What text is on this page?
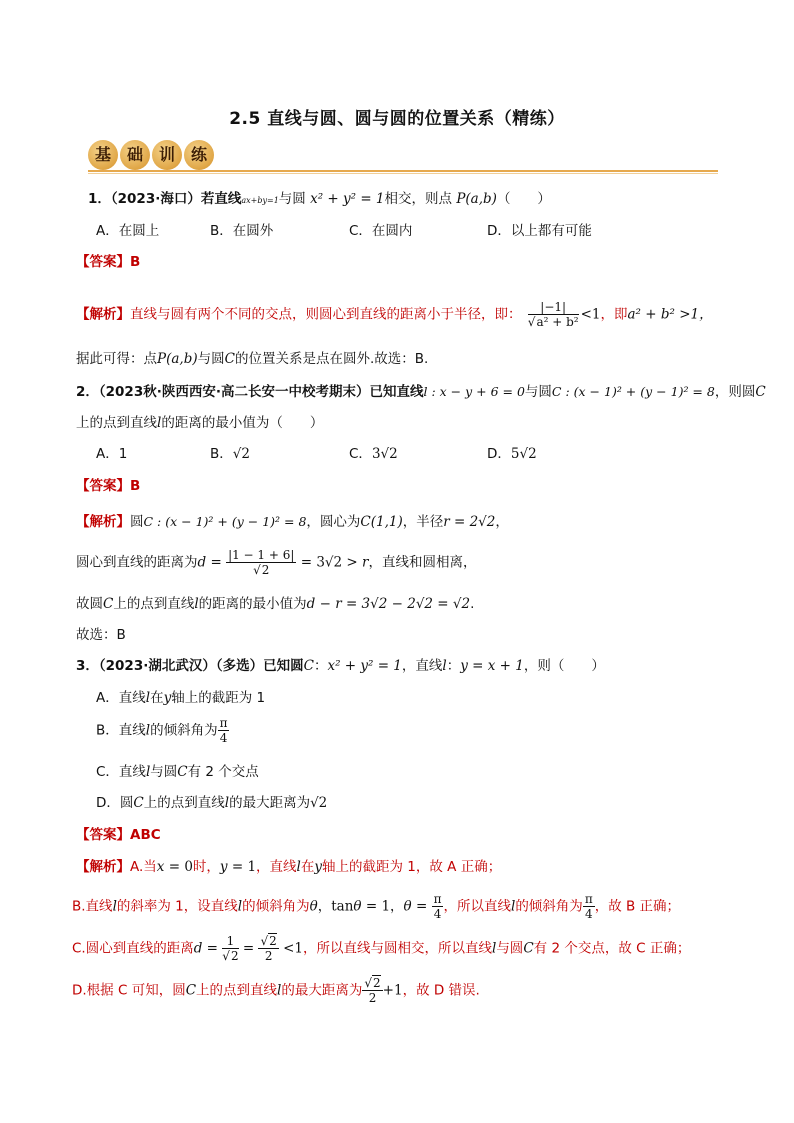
2.5 直线与圆、圆与圆的位置关系（精练）
基 础 训 练
1．（2023·海口）若直线ax+by=1与圆 x² + y² = 1相交，则点 P(a,b)（　　）
A．在圆上	B．在圆外	C．在圆内	D．以上都有可能
【答案】B
【解析】直线与圆有两个不同的交点，则圆心到直线的距离小于半径，即： $\frac{|-1|}{\text{√a² + b²}} <1$，即a² + b² >1，
据此可得：点P(a,b)与圆C的位置关系是点在圆外.故选：B.
2．（2023秋·陕西西安·高二长安一中校考期末）已知直线l : x − y + 6 = 0与圆C : (x − 1)² + (y − 1)² = 8，则圆C
上的点到直线l的距离的最小值为（　　）
A．1	B．√2	C．3√2	D．5√2
【答案】B
【解析】圆C : (x − 1)² + (y − 1)² = 8，圆心为C(1,1)，半径r = 2√2，
圆心到直线的距离为$d = \frac{|1 - 1 + 6|}{√2} = 3√2 > r$，直线和圆相离，
故圆C上的点到直线l的距离的最小值为d − r = 3√2 − 2√2 = √2.
故选：B
3．（2023·湖北武汉）（多选）已知圆C：x² + y² = 1，直线l：y = x + 1，则（　　）
A．直线l在y轴上的截距为 1
B．直线l的倾斜角为 $\frac{\pi}{4}$
C．直线l与圆C有 2 个交点
D．圆C上的点到直线l的最大距离为√2
【答案】ABC
【解析】A.当x = 0时，y = 1，直线l在y轴上的截距为 1，故 A 正确；
B.直线l的斜率为 1，设直线l的倾斜角为θ，tanθ = 1，$\theta = \frac{\pi}{4}$ ，所以直线l的倾斜角为 $\frac{\pi}{4}$ ，故 B 正确；
C.圆心到直线的距离$d = \frac{1}{√2} = \frac{√2}{2} <1$，所以直线与圆相交，所以直线l与圆C有 2 个交点，故 C 正确；
D.根据 C 可知，圆C上的点到直线l的最大距离为 $\frac{√2}{2} +1$，故 D 错误.
